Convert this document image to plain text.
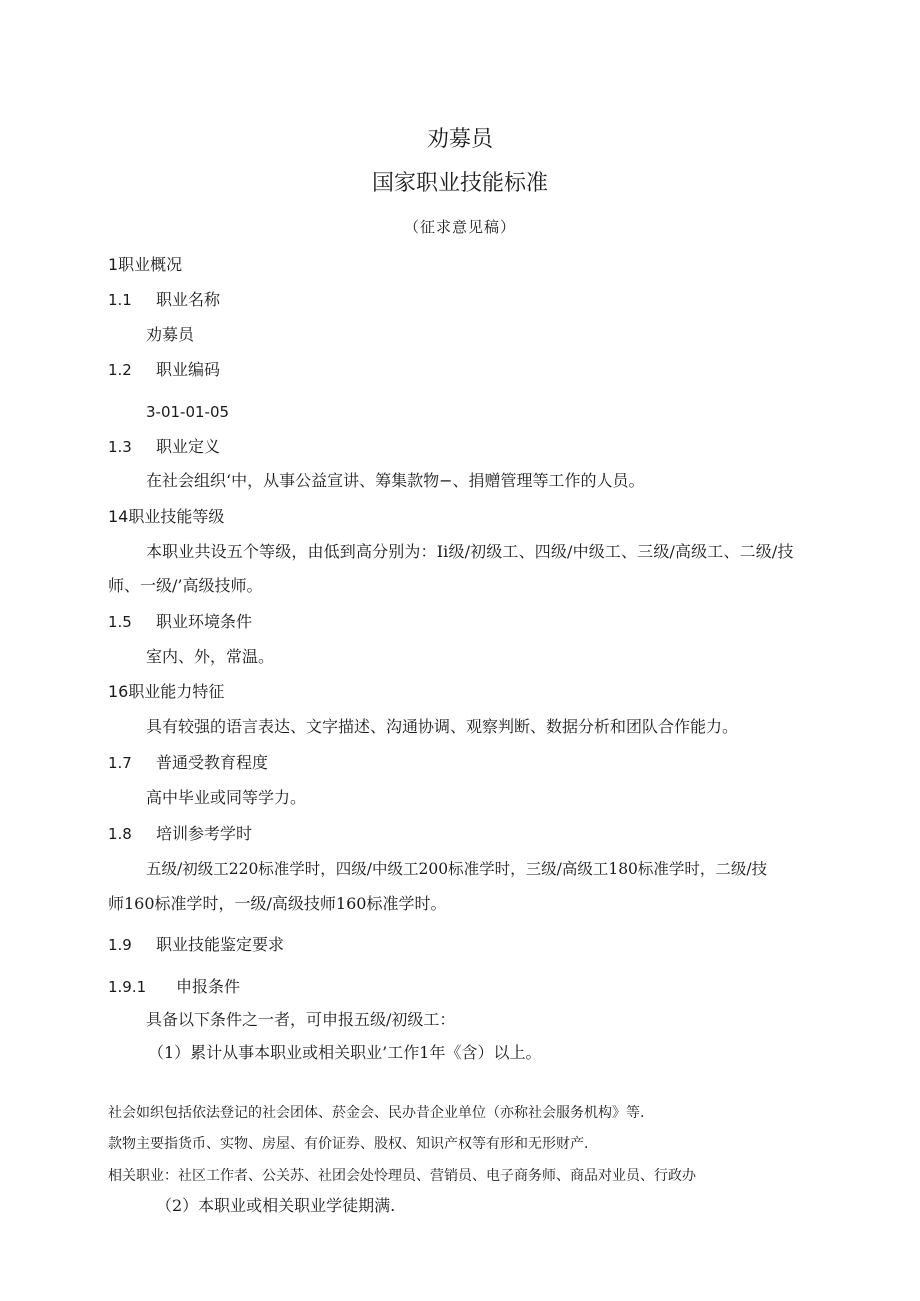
劝募员
国家职业技能标准
（征求意见稿）
1职业概况
1.1 职业名称
劝募员
1.2 职业编码
3-01-01-05
1.3 职业定义
在社会组织‘中，从事公益宣讲、筹集款物−、捐赠管理等工作的人员。
14职业技能等级
本职业共设五个等级，由低到高分别为：Ii级/初级工、四级/中级工、三级/高级工、二级/技
师、一级/’高级技师。
1.5 职业环境条件
室内、外，常温。
16职业能力特征
具有较强的语言表达、文字描述、沟通协调、观察判断、数据分析和团队合作能力。
1.7 普通受教育程度
高中毕业或同等学力。
1.8 培训参考学时
五级/初级工220标准学时，四级/中级工200标准学时，三级/高级工180标准学时，二级/技
师160标准学时，一级/高级技师160标准学时。
1.9 职业技能鉴定要求
1.9.1 申报条件
具备以下条件之一者，可申报五级/初级工：
（1）累计从事本职业或相关职业’工作1年《含）以上。
社会如织包括依法登记的社会团体、菸金会、民办昔企业单位（亦称社会服务机构》等.
款物主要指货币、实物、房屋、有价证券、股权、知识产权等有形和无形财产.
相关职业：社区工作者、公关苏、社团会处怜理员、营销员、电子商务师、商品对业员、行政办
（2）本职业或相关职业学徒期满.
